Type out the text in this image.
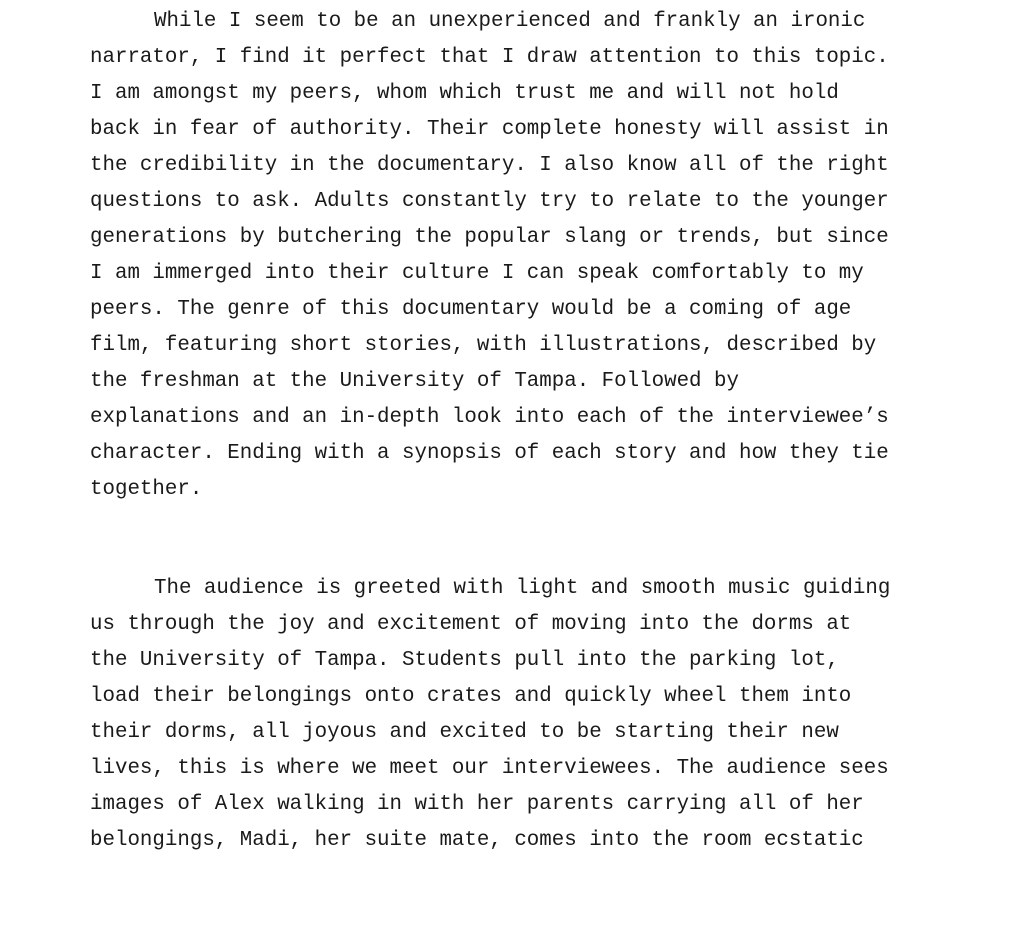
While I seem to be an unexperienced and frankly an ironic
narrator, I find it perfect that I draw attention to this topic.
I am amongst my peers, whom which trust me and will not hold
back in fear of authority. Their complete honesty will assist in
the credibility in the documentary. I also know all of the right
questions to ask. Adults constantly try to relate to the younger
generations by butchering the popular slang or trends, but since
I am immerged into their culture I can speak comfortably to my
peers. The genre of this documentary would be a coming of age
film, featuring short stories, with illustrations, described by
the freshman at the University of Tampa. Followed by
explanations and an in-depth look into each of the interviewee’s
character. Ending with a synopsis of each story and how they tie
together.
The audience is greeted with light and smooth music guiding
us through the joy and excitement of moving into the dorms at
the University of Tampa. Students pull into the parking lot,
load their belongings onto crates and quickly wheel them into
their dorms, all joyous and excited to be starting their new
lives, this is where we meet our interviewees. The audience sees
images of Alex walking in with her parents carrying all of her
belongings, Madi, her suite mate, comes into the room ecstatic
